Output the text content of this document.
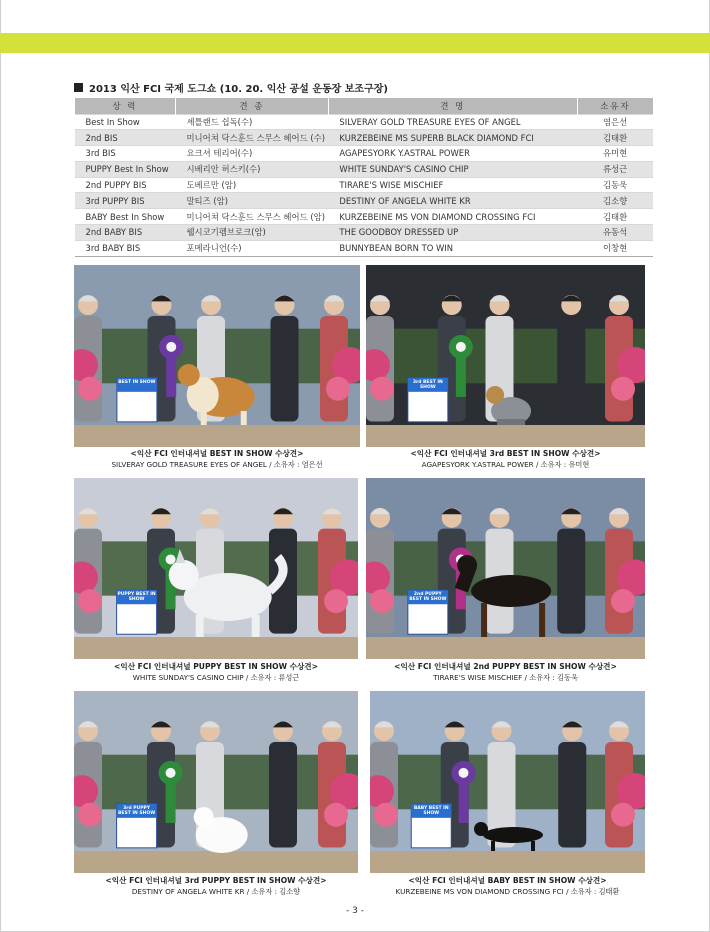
2013 익산 FCI 국제 도그쇼 (10. 20. 익산 공설 운동장 보조구장)
상 력	견 종	견 명	소유자
Best In Show	셰틀랜드 쉽독(수)	SILVERAY GOLD TREASURE EYES OF ANGEL	염은선
2nd BIS	미니어쳐 닥스훈드 스무스 헤어드 (수)	KURZEBEINE MS SUPERB BLACK DIAMOND FCI	김태환
3rd BIS	요크셔 테리어(수)	AGAPESYORK Y.ASTRAL POWER	유미현
PUPPY Best In Show	시베리안 허스키(수)	WHITE SUNDAY'S CASINO CHIP	류성근
2nd PUPPY BIS	도베르만 (암)	TIRARE'S WISE MISCHIEF	김동욱
3rd PUPPY BIS	말티즈 (암)	DESTINY OF ANGELA WHITE KR	김소향
BABY Best In Show	미니어쳐 닥스훈드 스무스 헤어드 (암)	KURZEBEINE MS VON DIAMOND CROSSING FCI	김태환
2nd BABY BIS	웰시코기펨브로크(암)	THE GOODBOY DRESSED UP	유동석
3rd BABY BIS	포메라니언(수)	BUNNYBEAN BORN TO WIN	이창현
BEST IN SHOW
<익산 FCI 인터내셔널 BEST IN SHOW 수상견>
SILVERAY GOLD TREASURE EYES OF ANGEL / 소유자 : 염은선
3rd BEST IN SHOW
<익산 FCI 인터내셔널 3rd BEST IN SHOW 수상견>
AGAPESYORK Y.ASTRAL POWER / 소유자 : 유미현
PUPPY BEST IN SHOW
<익산 FCI 인터내셔널 PUPPY BEST IN SHOW 수상견>
WHITE SUNDAY'S CASINO CHIP / 소유자 : 류성근
2nd PUPPY BEST IN SHOW
<익산 FCI 인터내셔널 2nd PUPPY BEST IN SHOW 수상견>
TIRARE'S WISE MISCHIEF / 소유자 : 김동욱
3rd PUPPY BEST IN SHOW
<익산 FCI 인터내셔널 3rd PUPPY BEST IN SHOW 수상견>
DESTINY OF ANGELA WHITE KR / 소유자 : 김소향
BABY BEST IN SHOW
<익산 FCI 인터내셔널 BABY BEST IN SHOW 수상견>
KURZEBEINE MS VON DIAMOND CROSSING FCI / 소유자 : 김태환
- 3 -
